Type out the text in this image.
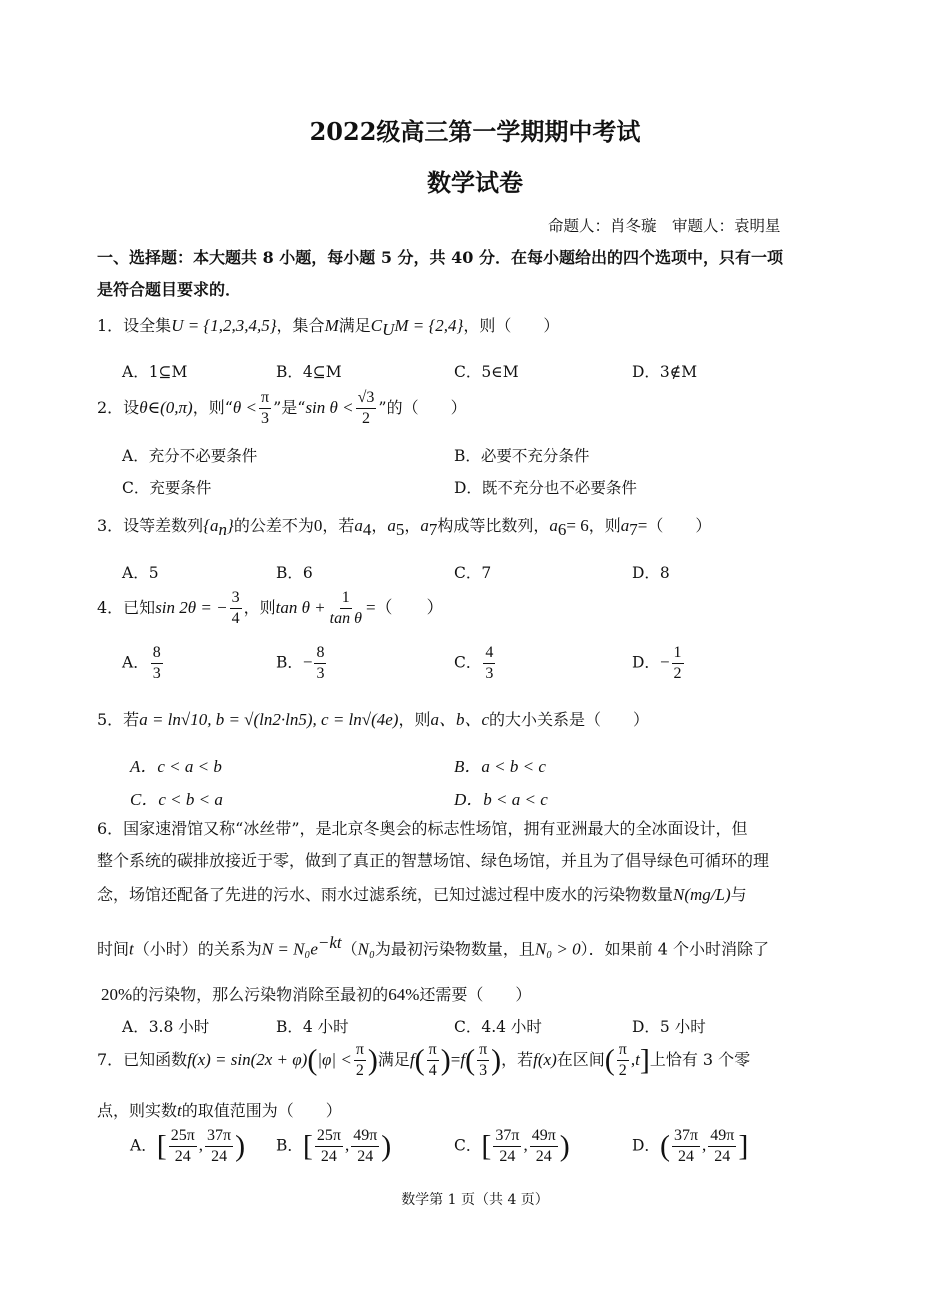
2022级高三第一学期期中考试
数学试卷
命题人：肖冬璇　审题人：袁明星
一、选择题：本大题共 8 小题，每小题 5 分，共 40 分．在每小题给出的四个选项中，只有一项
是符合题目要求的．
1．设全集U = {1,2,3,4,5}，集合M满足$C_UM = \{2,4\}$，则（　　）
A．1⊆M	B．4⊆M	C．5∈M	D．3∉M
2．设θ∈(0,π)，则“$\theta < \frac{\pi}{3}$ ”是“sin $\theta < \frac{√3}{2}$ ”的（　　）
A．充分不必要条件	B．必要不充分条件
C．充要条件	D．既不充分也不必要条件
3．设等差数列$\{a_n\}$的公差不为0，若$a_4$，$a_5$，$a_7$构成等比数列，$a_6= 6$，则$a_7=$（　　）
A．5	B．6	C．7	D．8
4．已知sin 2θ = − $\frac{3}{4}$ ，则$\tan \theta + \frac{1}{\text{tan θ}}$ =（　　）
A． $\frac{8}{3}$	B．− $\frac{8}{3}$	C． $\frac{4}{3}$	D．− $\frac{1}{2}$
5．若a = ln√10, b = √(ln2·ln5), c = ln√(4e)，则a、b、c的大小关系是（　　）
A．c < a < b	B．a < b < c
C．c < b < a	D．b < a < c
6．国家速滑馆又称“冰丝带”，是北京冬奥会的标志性场馆，拥有亚洲最大的全冰面设计，但
整个系统的碳排放接近于零，做到了真正的智慧场馆、绿色场馆，并且为了倡导绿色可循环的理
念，场馆还配备了先进的污水、雨水过滤系统，已知过滤过程中废水的污染物数量N(mg/L)与
时间t（小时）的关系为$N = N_0e^{-kt}(N_0$为最初污染物数量，且N₀ > 0）．如果前 4 个小时消除了
20%的污染物，那么污染物消除至最初的64%还需要（　　）
A．3.8 小时	B．4 小时	C．4.4 小时	D．5 小时
7．已知函数$f(x) = \sin(2x + \varphi)(|\varphi| < \frac{\pi}{2}$ )满足$f( \frac{\pi}{4} )=f( \frac{\pi}{3}$ )，若f(x)在区间( $\frac{\pi}{2} ,t$]上恰有 3 个零
点，则实数t的取值范围为（　　）
A．[ $\frac{25\pi}{24}$ , $\frac{37\pi}{24}$ ) B．[ $\frac{25\pi}{24}$ , $\frac{49\pi}{24}$ )	C．[ $\frac{37\pi}{24}$ , $\frac{49\pi}{24}$ )	D．( $\frac{37\pi}{24}$ , $\frac{49\pi}{24}$ ]
数学第 1 页（共 4 页）
